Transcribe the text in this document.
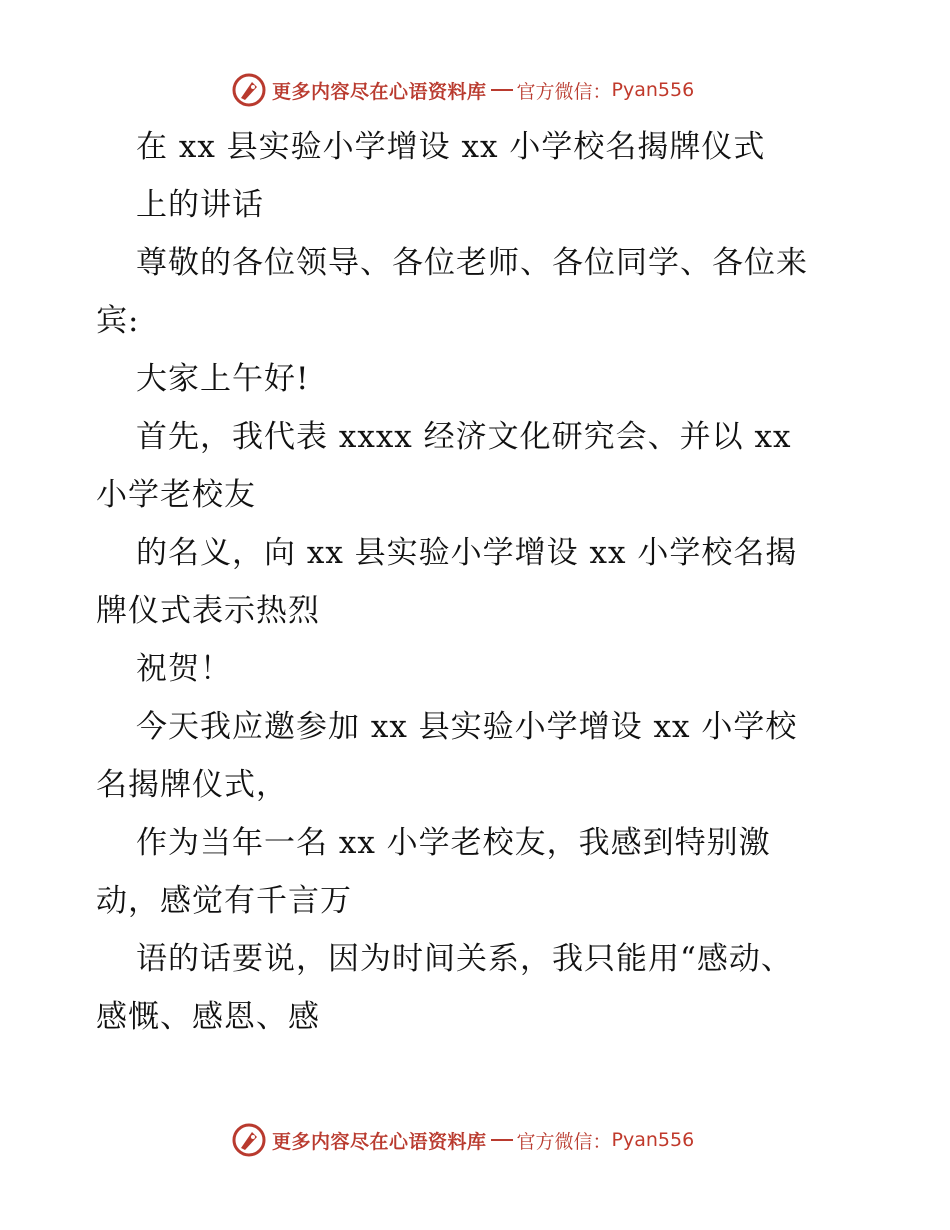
更多内容尽在心语资料库 官方微信： Pyan556
在 xx 县实验小学增设 xx 小学校名揭牌仪式
上的讲话
尊敬的各位领导、各位老师、各位同学、各位来
宾:
大家上午好!
首先，我代表 xxxx 经济文化研究会、并以 xx
小学老校友
的名义，向 xx 县实验小学增设 xx 小学校名揭
牌仪式表示热烈
祝贺！
今天我应邀参加 xx 县实验小学增设 xx 小学校
名揭牌仪式，
作为当年一名 xx 小学老校友，我感到特别激
动，感觉有千言万
语的话要说，因为时间关系，我只能用“感动、
感慨、感恩、感
更多内容尽在心语资料库 官方微信： Pyan556
